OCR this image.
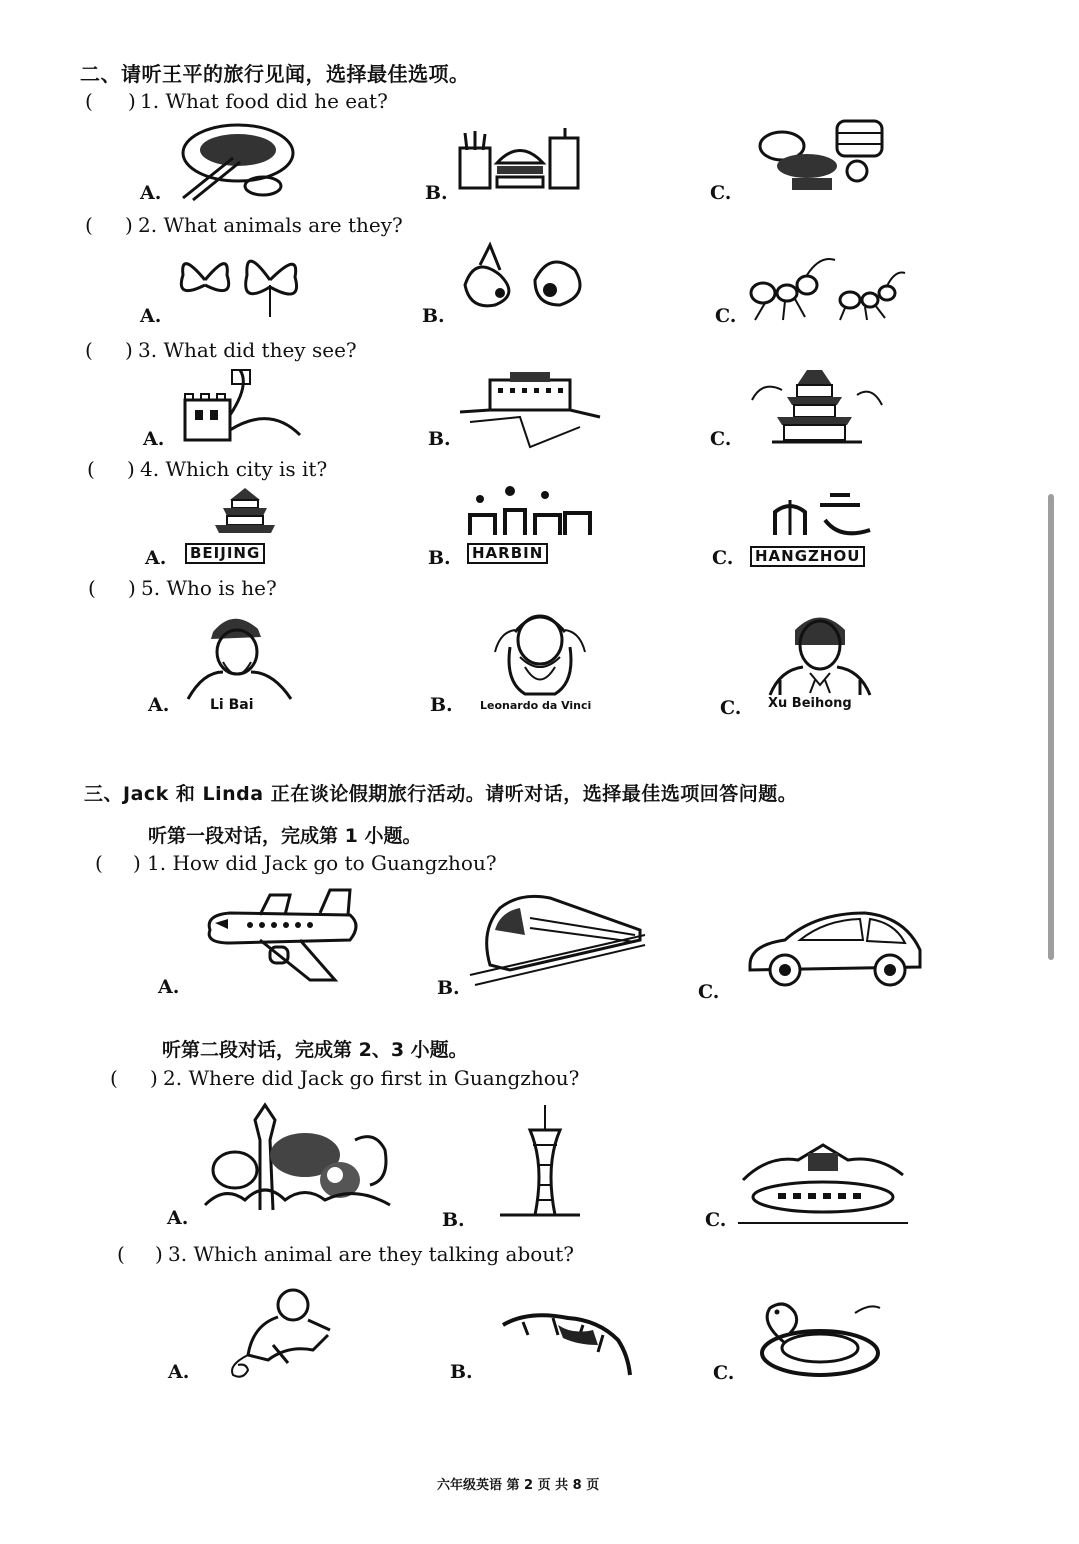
二、请听王平的旅行见闻，选择最佳选项。
( ) 1. What food did he eat?
A.	B.	C.
( ) 2. What animals are they?
A.	B.	C.
( ) 3. What did they see?
A.	B.	C.
( ) 4. Which city is it?
A.	B.	C.
BEIJING	HARBIN	HANGZHOU
( ) 5. Who is he?
A.	B.	C.
Li Bai	Leonardo da Vinci	Xu Beihong
三、Jack 和 Linda 正在谈论假期旅行活动。请听对话，选择最佳选项回答问题。
听第一段对话，完成第 1 小题。
( ) 1. How did Jack go to Guangzhou?
A.	B.	C.
听第二段对话，完成第 2、3 小题。
( ) 2. Where did Jack go first in Guangzhou?
A.	B.	C.
( ) 3. Which animal are they talking about?
A.	B.	C.
六年级英语 第 2 页 共 8 页
